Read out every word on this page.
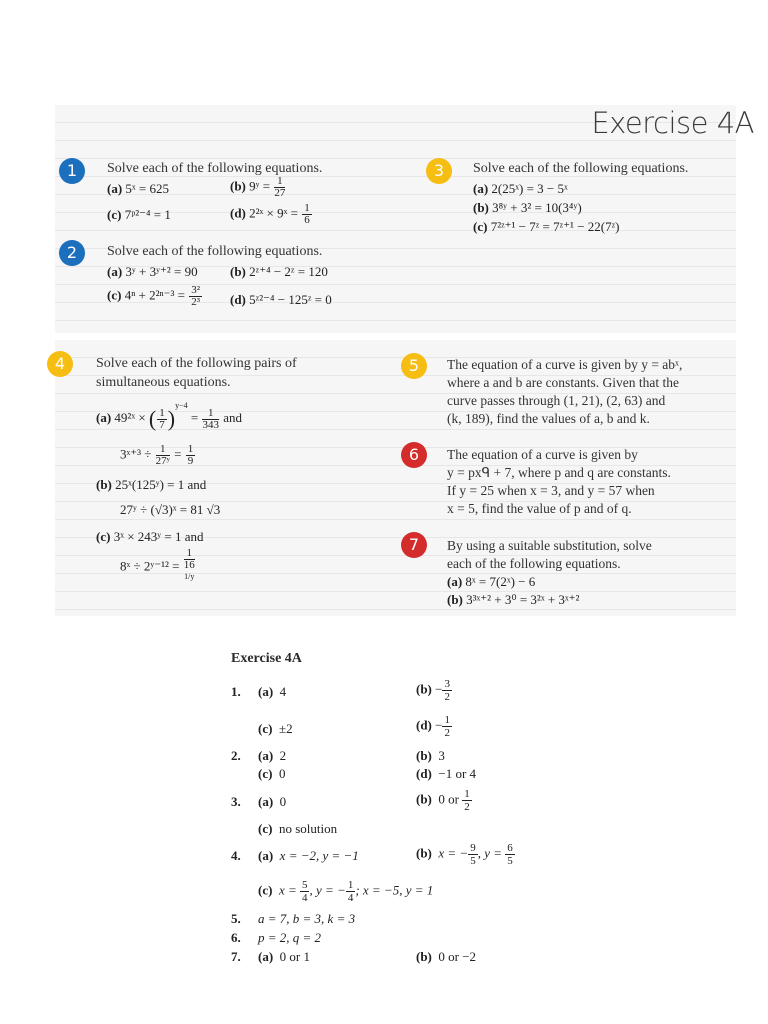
Exercise 4A
1	Solve each of the following equations.
(a) 5ˣ = 625	(b) 9ʸ = $\frac{1}{27}$
(c) 7ᵖ²⁻⁴ = 1	(d) 2²ˣ × 9ˣ = $\frac{1}{6}$
2	Solve each of the following equations.
(a) 3ʸ + 3ʸ⁺² = 90 (b) 2ᶻ⁺⁴ − 2ᶻ = 120
(c) $4^n + 2^{2n-3} = \frac{\text{3²}}{\text{2³}} (d)$ 5ᶻ²⁻⁴ − 125ᶻ = 0
3	Solve each of the following equations.
(a) 2(25ˣ) = 3 − 5ˣ
(b) 3⁸ʸ + 3² = 10(3⁴ʸ)
(c) 7²ᶻ⁺¹ − 7ᶻ = 7ᶻ⁺¹ − 22(7ᶻ)
4	Solve each of the following pairs of
simultaneous equations.
(a) 49²ˣ × ( $\frac{1}{7} )^{y-4} = \frac{1}{343}$ and
3ˣ⁺³ ÷ $\frac{1}{\text{27ʸ}} = \frac{1}{9}$
(b) 25ˣ(125ʸ) = 1 and
27ʸ ÷ (√3)ˣ = 81 √3
(c) 3ˣ × 243ʸ = 1 and
8ˣ ÷ 2ʸ⁻¹² = 1
16
$^{1/y}$
5	The equation of a curve is given by y = abˣ,
where a and b are constants. Given that the
curve passes through (1, 21), (2, 63) and
(k, 189), find the values of a, b and k.
6	The equation of a curve is given by
y = pxᑫ + 7, where p and q are constants.
If y = 25 when x = 3, and y = 57 when
x = 5, find the value of p and of q.
7	By using a suitable substitution, solve
each of the following equations.
(a) 8ˣ = 7(2ˣ) − 6
(b) 3³ˣ⁺² + 3⁰ = 3²ˣ + 3ˣ⁺²
Exercise 4A
1. (a) 4	$(b) - \frac{3}{2}$
(c) ±2	$(d) - \frac{1}{2}$
2. (a) 2	(b) 3
(c) 0	(d) −1 or 4
3. (a) 0	(b) 0 or $\frac{1}{2}$
(c) no solution
4. (a) x = −2, y = −1	(b) x = − $\frac{9}{5}$ , $y = \frac{6}{5}$
(c) $x = \frac{5}{4}$ , y = − $\frac{1}{4}$ ; x = −5, y = 1
5. a = 7, b = 3, k = 3
6. p = 2, q = 2
7. (a) 0 or 1	(b) 0 or −2
